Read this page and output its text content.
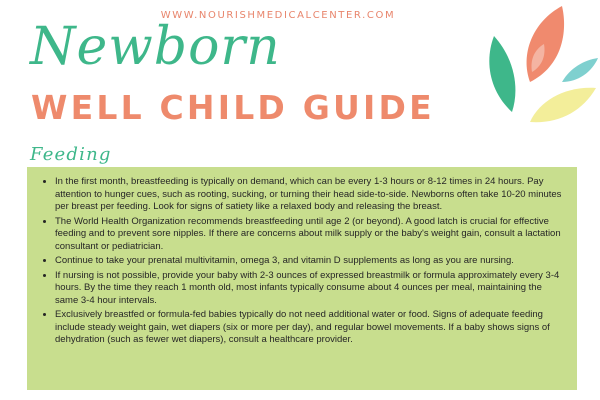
WWW.NOURISHMEDICALCENTER.COM
Newborn
WELL CHILD GUIDE
Feeding
• In the first month, breastfeeding is typically on demand, which can be every 1-3 hours or 8-12 times in 24 hours. Pay attention to hunger cues, such as rooting, sucking, or turning their head side-to-side. Newborns often take 10-20 minutes per breast per feeding. Look for signs of satiety like a relaxed body and releasing the breast.
• The World Health Organization recommends breastfeeding until age 2 (or beyond). A good latch is crucial for effective feeding and to prevent sore nipples. If there are concerns about milk supply or the baby's weight gain, consult a lactation consultant or pediatrician.
• Continue to take your prenatal multivitamin, omega 3, and vitamin D supplements as long as you are nursing.
• If nursing is not possible, provide your baby with 2-3 ounces of expressed breastmilk or formula approximately every 3-4 hours. By the time they reach 1 month old, most infants typically consume about 4 ounces per meal, maintaining the same 3-4 hour intervals.
• Exclusively breastfed or formula-fed babies typically do not need additional water or food. Signs of adequate feeding include steady weight gain, wet diapers (six or more per day), and regular bowel movements. If a baby shows signs of dehydration (such as fewer wet diapers), consult a healthcare provider.
